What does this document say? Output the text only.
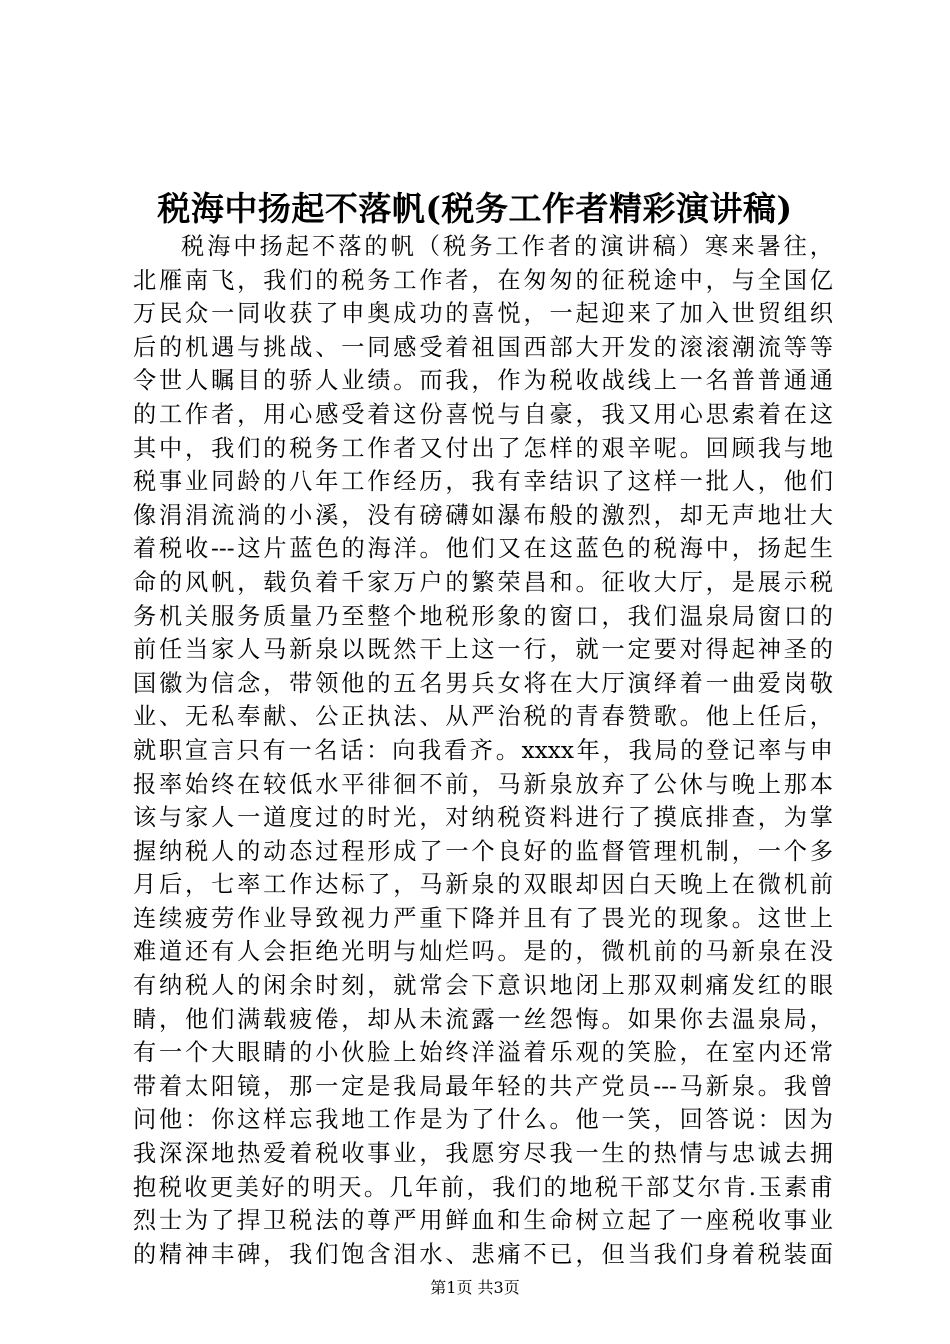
税海中扬起不落帆(税务工作者精彩演讲稿)
税海中扬起不落的帆（税务工作者的演讲稿）寒来暑往，
北雁南飞，我们的税务工作者，在匆匆的征税途中，与全国亿
万民众一同收获了申奥成功的喜悦，一起迎来了加入世贸组织
后的机遇与挑战、一同感受着祖国西部大开发的滚滚潮流等等
令世人瞩目的骄人业绩。而我，作为税收战线上一名普普通通
的工作者，用心感受着这份喜悦与自豪，我又用心思索着在这
其中，我们的税务工作者又付出了怎样的艰辛呢。回顾我与地
税事业同龄的八年工作经历，我有幸结识了这样一批人，他们
像涓涓流淌的小溪，没有磅礴如瀑布般的激烈，却无声地壮大
着税收---这片蓝色的海洋。他们又在这蓝色的税海中，扬起生
命的风帆，载负着千家万户的繁荣昌和。征收大厅，是展示税
务机关服务质量乃至整个地税形象的窗口，我们温泉局窗口的
前任当家人马新泉以既然干上这一行，就一定要对得起神圣的
国徽为信念，带领他的五名男兵女将在大厅演绎着一曲爱岗敬
业、无私奉献、公正执法、从严治税的青春赞歌。他上任后，
就职宣言只有一名话：向我看齐。xxxx年，我局的登记率与申
报率始终在较低水平徘徊不前，马新泉放弃了公休与晚上那本
该与家人一道度过的时光，对纳税资料进行了摸底排查，为掌
握纳税人的动态过程形成了一个良好的监督管理机制，一个多
月后，七率工作达标了，马新泉的双眼却因白天晚上在微机前
连续疲劳作业导致视力严重下降并且有了畏光的现象。这世上
难道还有人会拒绝光明与灿烂吗。是的，微机前的马新泉在没
有纳税人的闲余时刻，就常会下意识地闭上那双刺痛发红的眼
睛，他们满载疲倦，却从未流露一丝怨悔。如果你去温泉局，
有一个大眼睛的小伙脸上始终洋溢着乐观的笑脸，在室内还常
带着太阳镜，那一定是我局最年轻的共产党员---马新泉。我曾
问他：你这样忘我地工作是为了什么。他一笑，回答说：因为
我深深地热爱着税收事业，我愿穷尽我一生的热情与忠诚去拥
抱税收更美好的明天。几年前，我们的地税干部艾尔肯.玉素甫
烈士为了捍卫税法的尊严用鲜血和生命树立起了一座税收事业
的精神丰碑，我们饱含泪水、悲痛不已，但当我们身着税装面
第1页 共3页
